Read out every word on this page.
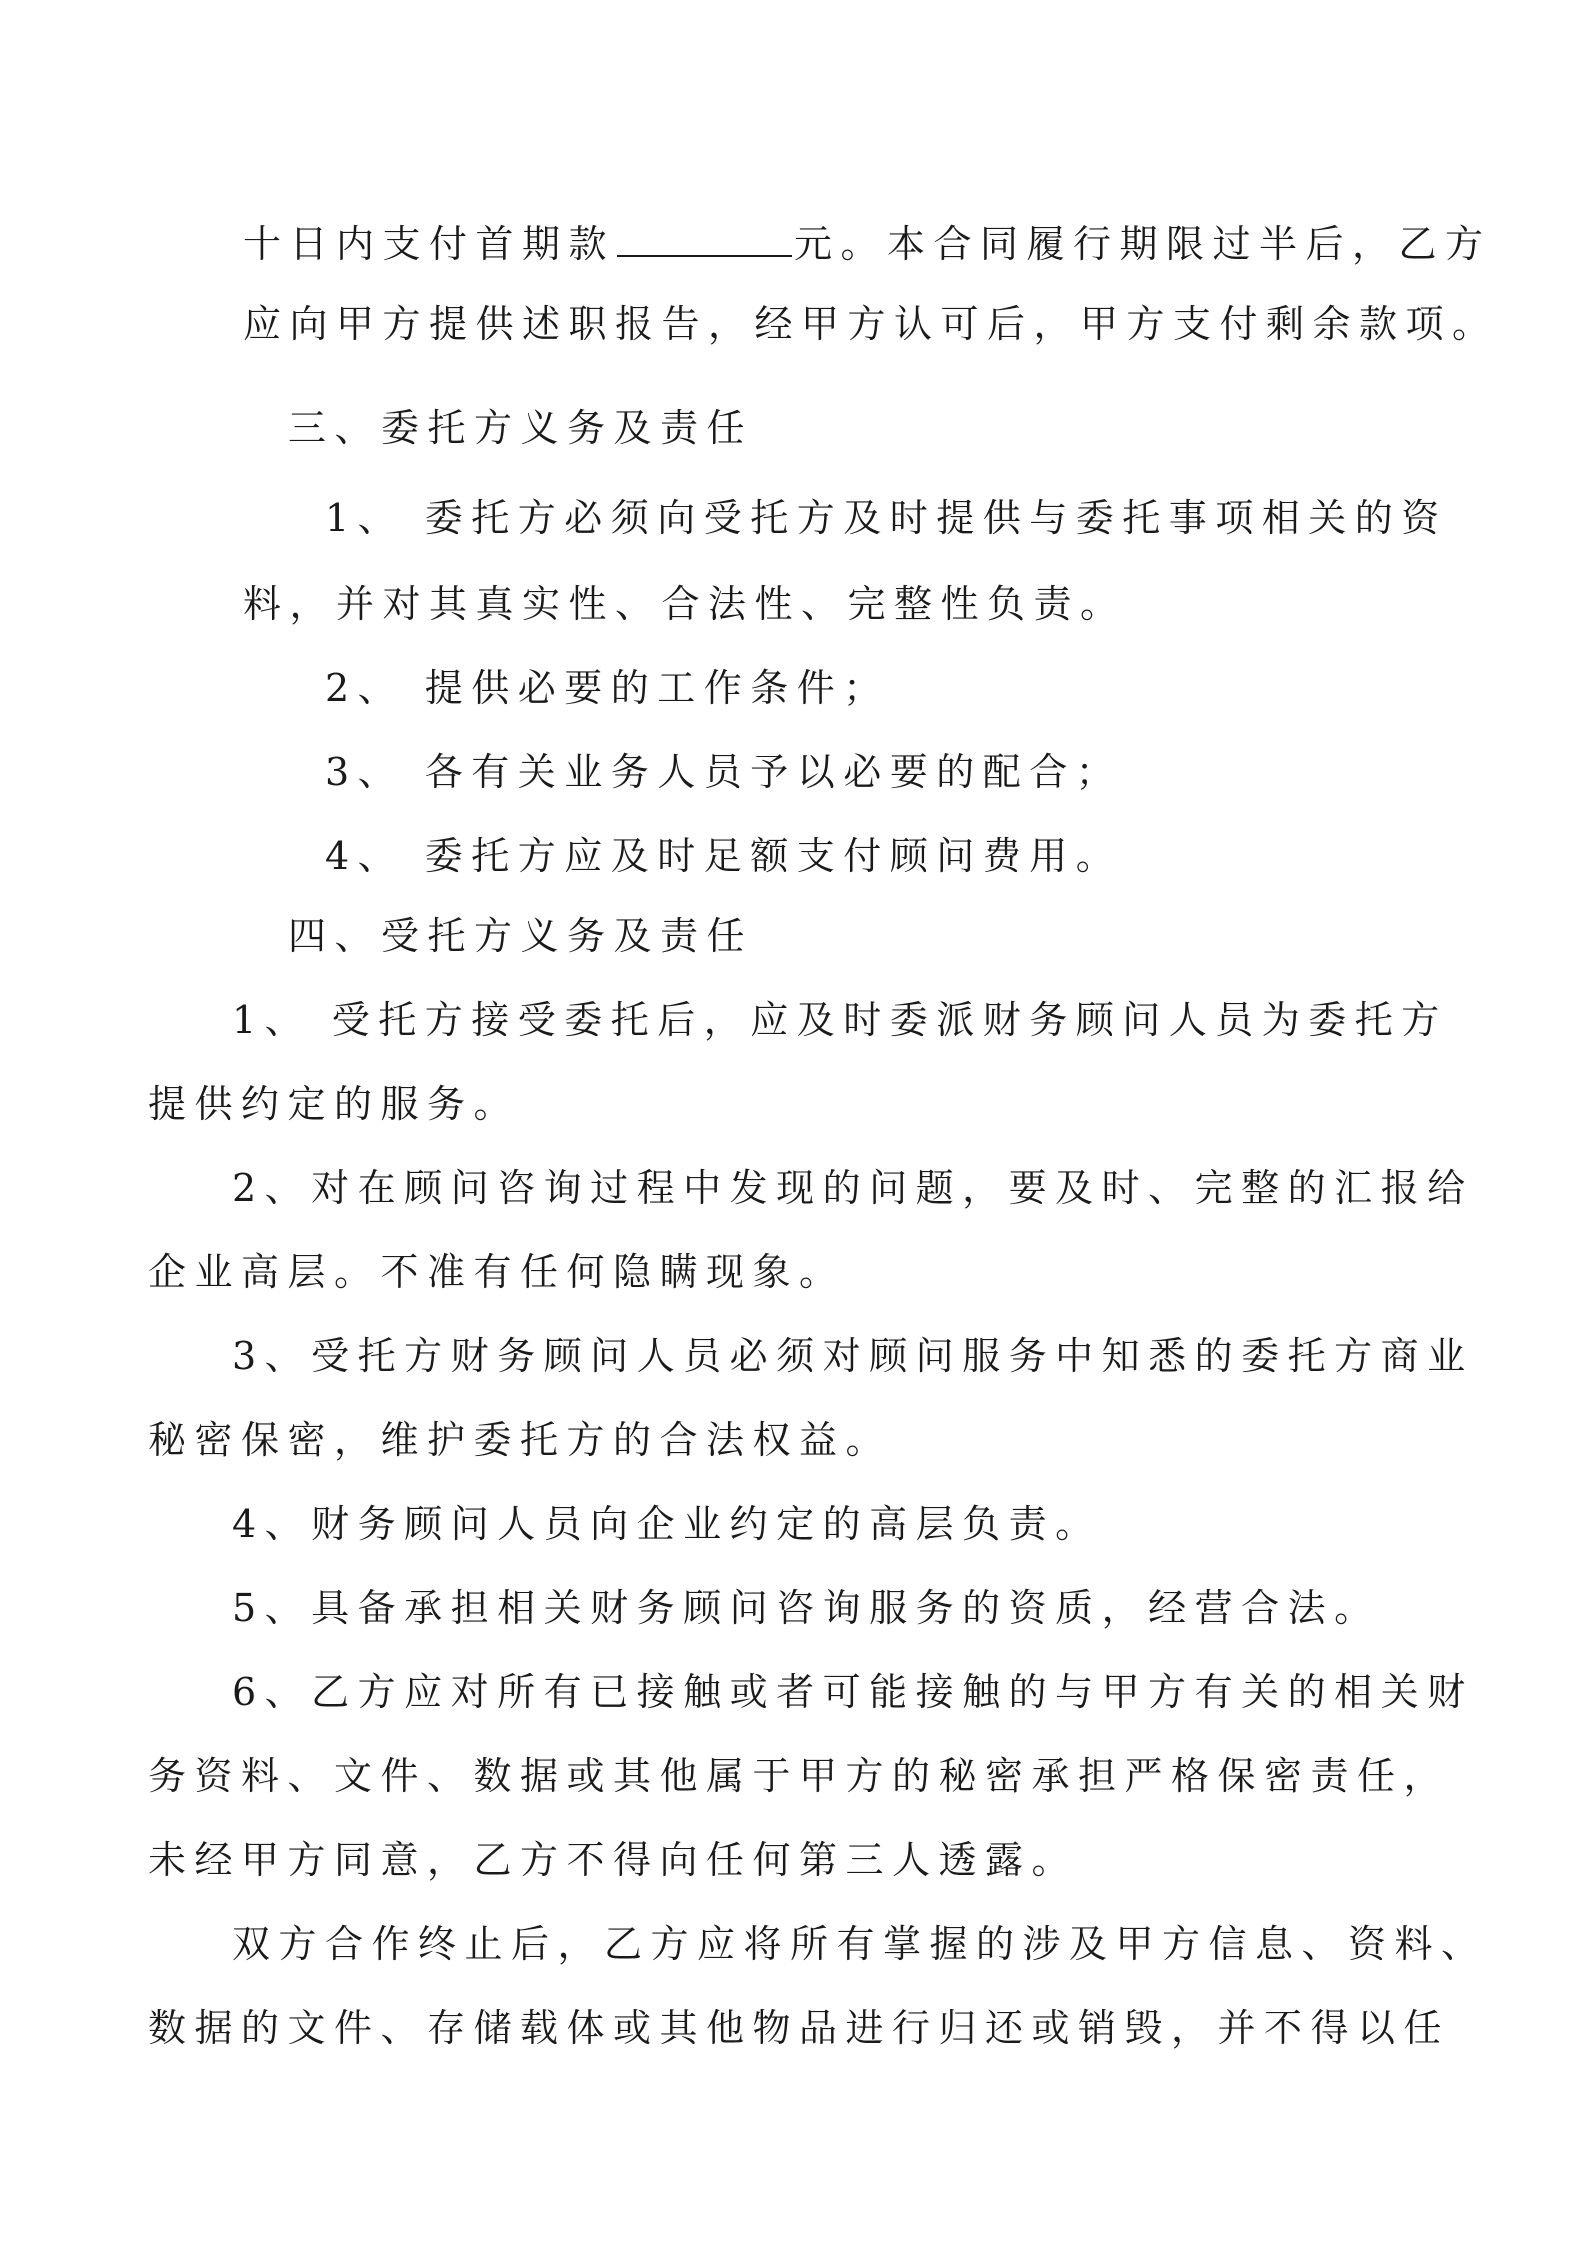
十日内支付首期款	元。本合同履行期限过半后，乙方
应向甲方提供述职报告，经甲方认可后，甲方支付剩余款项。
三、委托方义务及责任
1、 委托方必须向受托方及时提供与委托事项相关的资
料，并对其真实性、合法性、完整性负责。
2、 提供必要的工作条件；
3、 各有关业务人员予以必要的配合；
4、 委托方应及时足额支付顾问费用。
四、受托方义务及责任
1、 受托方接受委托后，应及时委派财务顾问人员为委托方
提供约定的服务。
2、对在顾问咨询过程中发现的问题，要及时、完整的汇报给
企业高层。不准有任何隐瞒现象。
3、受托方财务顾问人员必须对顾问服务中知悉的委托方商业
秘密保密，维护委托方的合法权益。
4、财务顾问人员向企业约定的高层负责。
5、具备承担相关财务顾问咨询服务的资质，经营合法。
6、乙方应对所有已接触或者可能接触的与甲方有关的相关财
务资料、文件、数据或其他属于甲方的秘密承担严格保密责任，
未经甲方同意，乙方不得向任何第三人透露。
双方合作终止后，乙方应将所有掌握的涉及甲方信息、资料、
数据的文件、存储载体或其他物品进行归还或销毁，并不得以任
